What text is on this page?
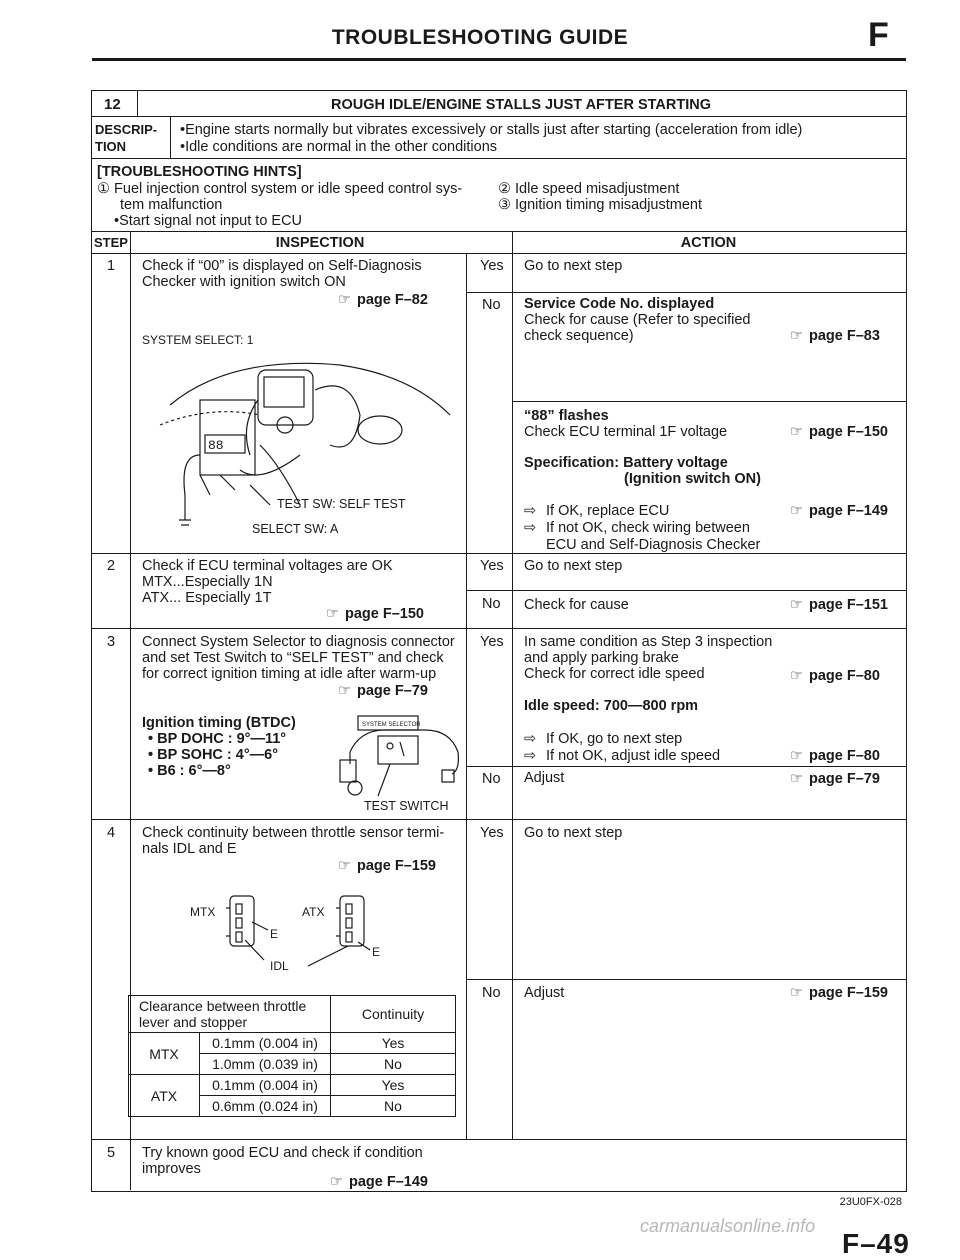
TROUBLESHOOTING GUIDE	F
12	ROUGH IDLE/ENGINE STALLS JUST AFTER STARTING
DESCRIP-
TION
•Engine starts normally but vibrates excessively or stalls just after starting (acceleration from idle)
•Idle conditions are normal in the other conditions
[TROUBLESHOOTING HINTS]
① Fuel injection control system or idle speed control sys-
tem malfunction
•Start signal not input to ECU
② Idle speed misadjustment
③ Ignition timing misadjustment
STEP	INSPECTION	ACTION
1 Check if “00” is displayed on Self-Diagnosis
Checker with ignition switch ON
☞ page F–82
SYSTEM SELECT: 1
88
TEST SW: SELF TEST
SELECT SW: A
Yes Go to next step
No Service Code No. displayed
Check for cause (Refer to specified
check sequence)	☞ page F–83
“88” flashes
Check ECU terminal 1F voltage	☞ page F–150
Specification: Battery voltage
(Ignition switch ON)
⇨ If OK, replace ECU	☞ page F–149
⇨ If not OK, check wiring between
ECU and Self-Diagnosis Checker
2 Check if ECU terminal voltages are OK
MTX...Especially 1N
ATX... Especially 1T
☞ page F–150
Yes Go to next step
No Check for cause	☞ page F–151
3 Connect System Selector to diagnosis connector
and set Test Switch to “SELF TEST” and check
for correct ignition timing at idle after warm-up
☞ page F–79
Ignition timing (BTDC)
• BP DOHC : 9°—11°
• BP SOHC : 4°—6°
• B6 : 6°—8°
SYSTEM SELECTOR
TEST SWITCH
Yes In same condition as Step 3 inspection
and apply parking brake
Check for correct idle speed	☞ page F–80
Idle speed: 700—800 rpm
⇨ If OK, go to next step
⇨ If not OK, adjust idle speed	☞ page F–80
No Adjust	☞ page F–79
4 Check continuity between throttle sensor termi-
nals IDL and E
☞ page F–159
MTX	ATX
E
E
IDL
Clearance between throttle
lever and stopper		Continuity
MTX	0.1mm (0.004 in)	Yes
	1.0mm (0.039 in)	No
ATX	0.1mm (0.004 in)	Yes
	0.6mm (0.024 in)	No
Yes Go to next step
No Adjust	☞ page F–159
5 Try known good ECU and check if condition
improves
☞ page F–149
23U0FX-028
carmanualsonline.info
F–49
